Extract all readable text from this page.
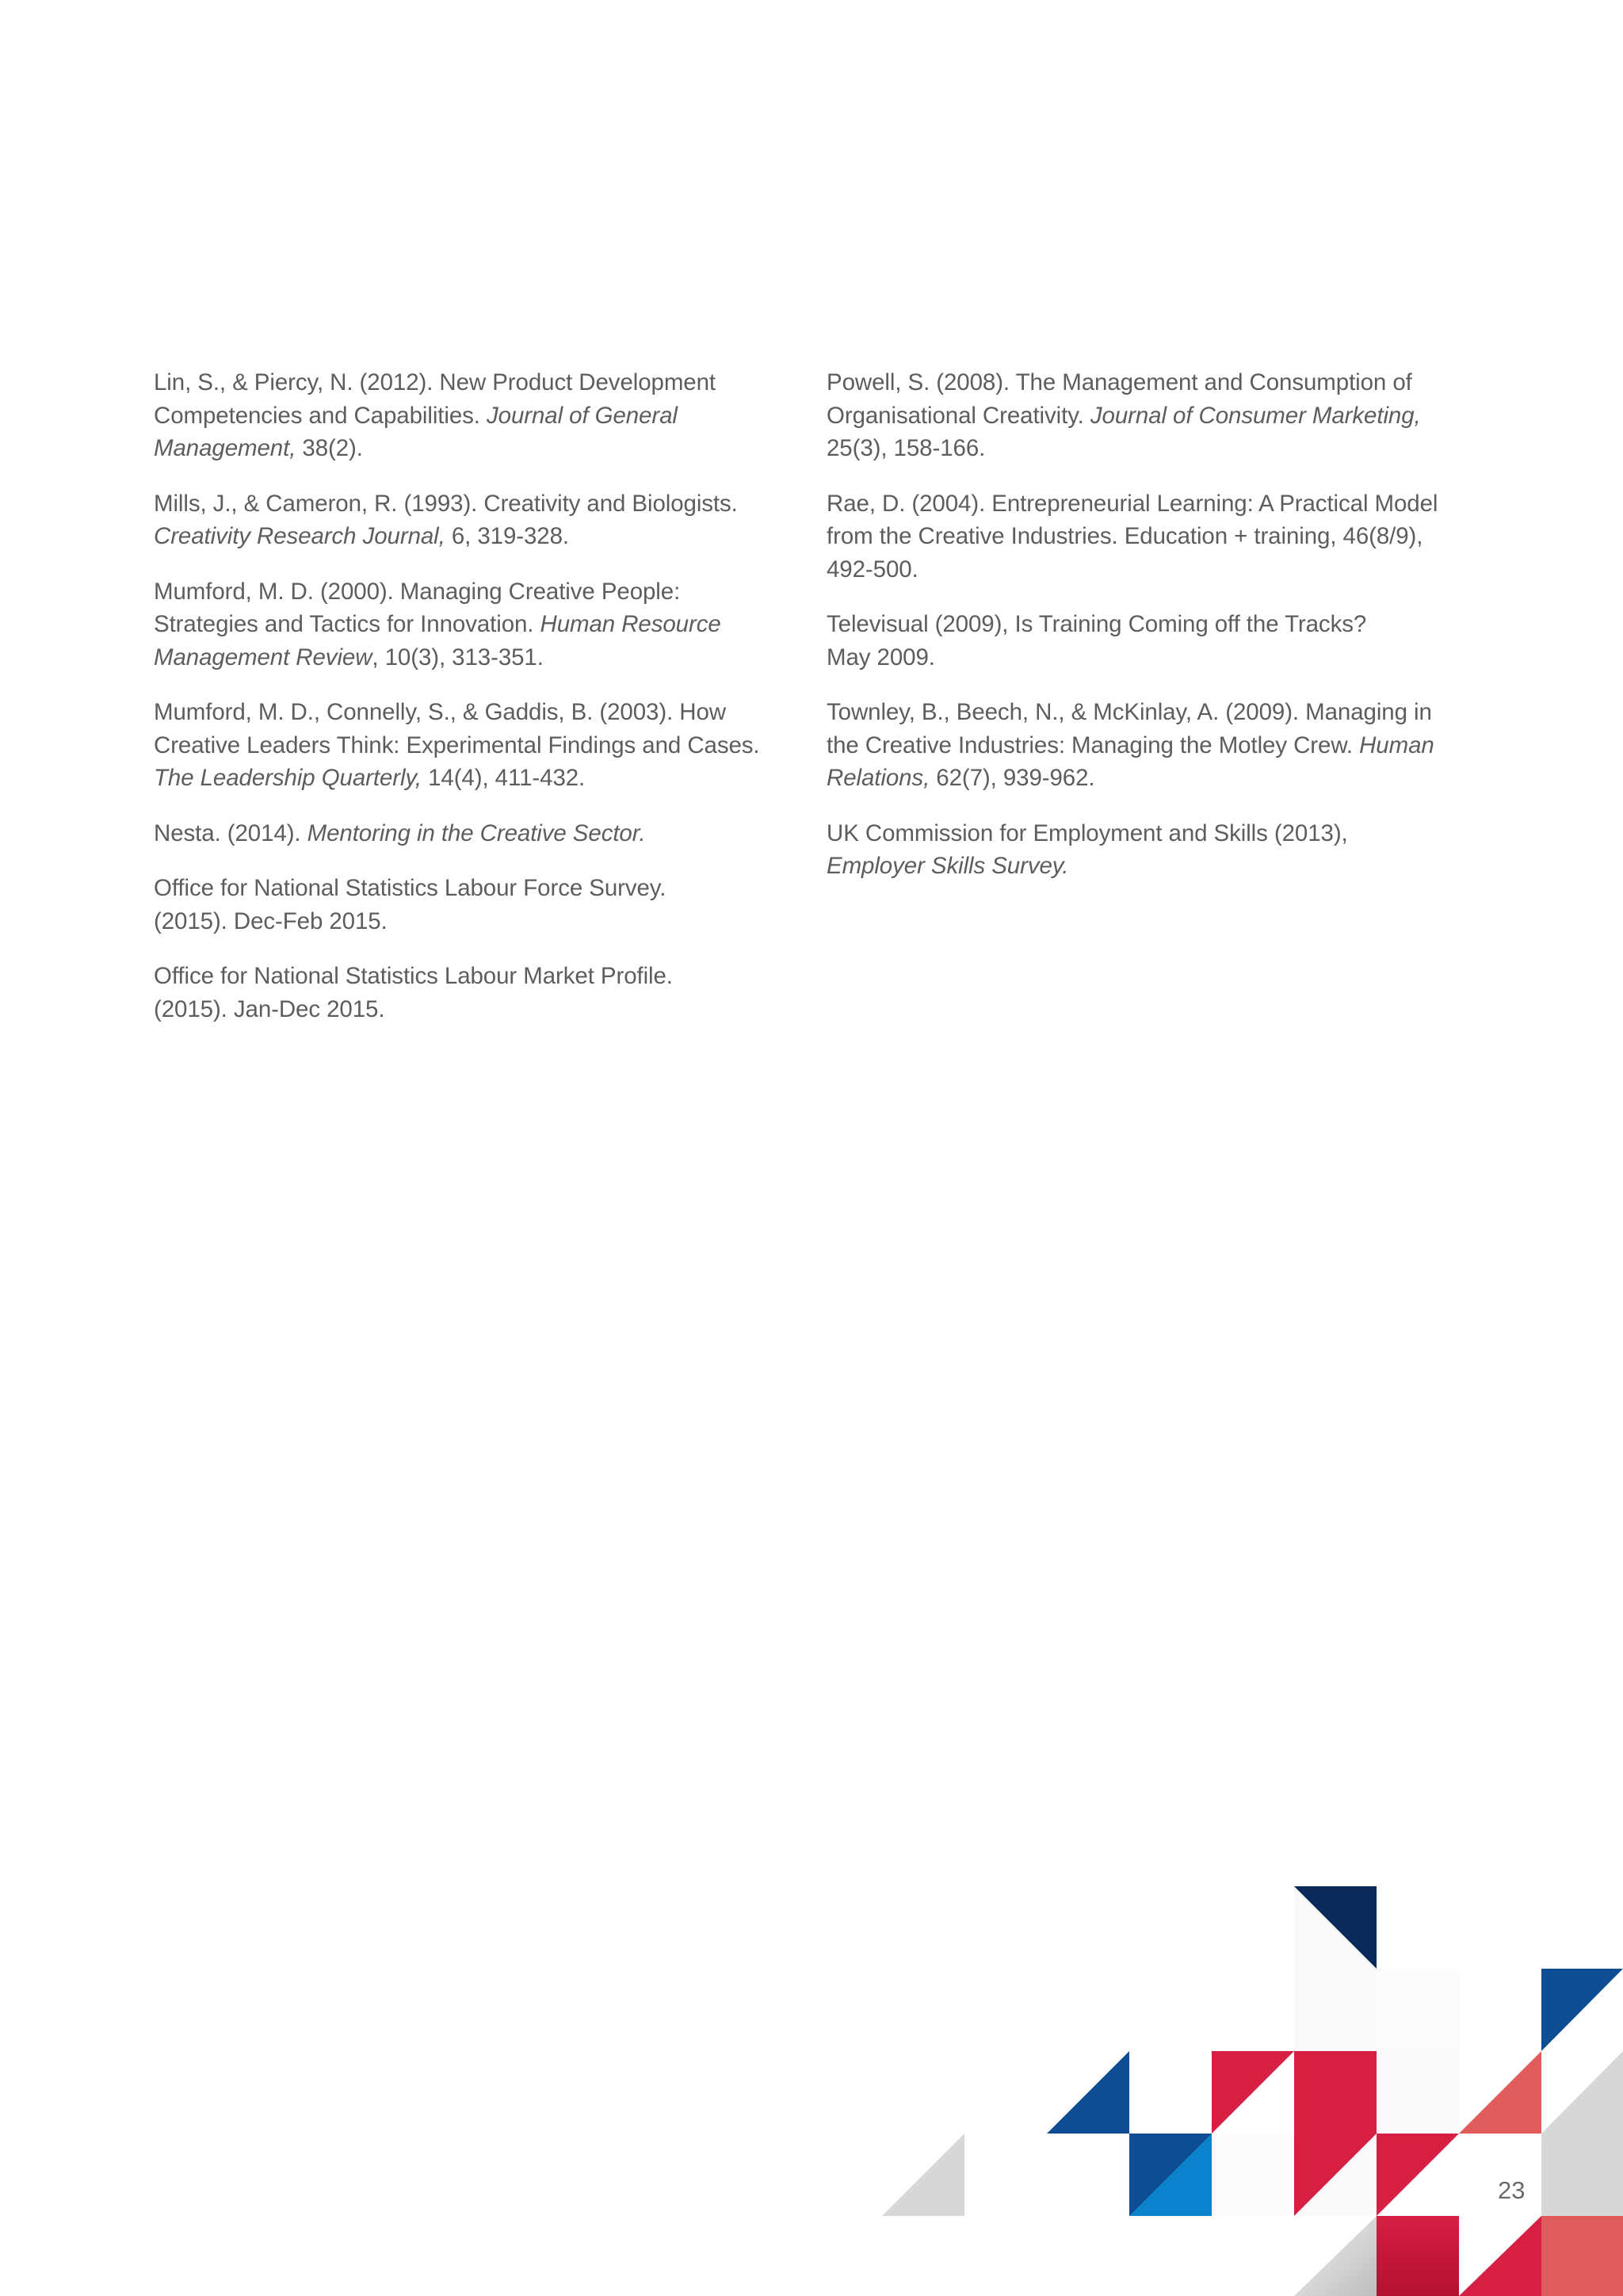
Lin, S., & Piercy, N. (2012). New Product Development Competencies and Capabilities. Journal of General Management, 38(2).

Mills, J., & Cameron, R. (1993). Creativity and Biologists. Creativity Research Journal, 6, 319-328.

Mumford, M. D. (2000). Managing Creative People: Strategies and Tactics for Innovation. Human Resource Management Review, 10(3), 313-351.

Mumford, M. D., Connelly, S., & Gaddis, B. (2003). How Creative Leaders Think: Experimental Findings and Cases. The Leadership Quarterly, 14(4), 411-432.

Nesta. (2014). Mentoring in the Creative Sector.

Office for National Statistics Labour Force Survey.
(2015). Dec-Feb 2015.

Office for National Statistics Labour Market Profile.
(2015). Jan-Dec 2015.

Powell, S. (2008). The Management and Consumption of Organisational Creativity. Journal of Consumer Marketing, 25(3), 158-166.

Rae, D. (2004). Entrepreneurial Learning: A Practical Model from the Creative Industries. Education + training, 46(8/9), 492-500.

Televisual (2009), Is Training Coming off the Tracks?
May 2009.

Townley, B., Beech, N., & McKinlay, A. (2009). Managing in the Creative Industries: Managing the Motley Crew. Human Relations, 62(7), 939-962.

UK Commission for Employment and Skills (2013),
Employer Skills Survey.

23
